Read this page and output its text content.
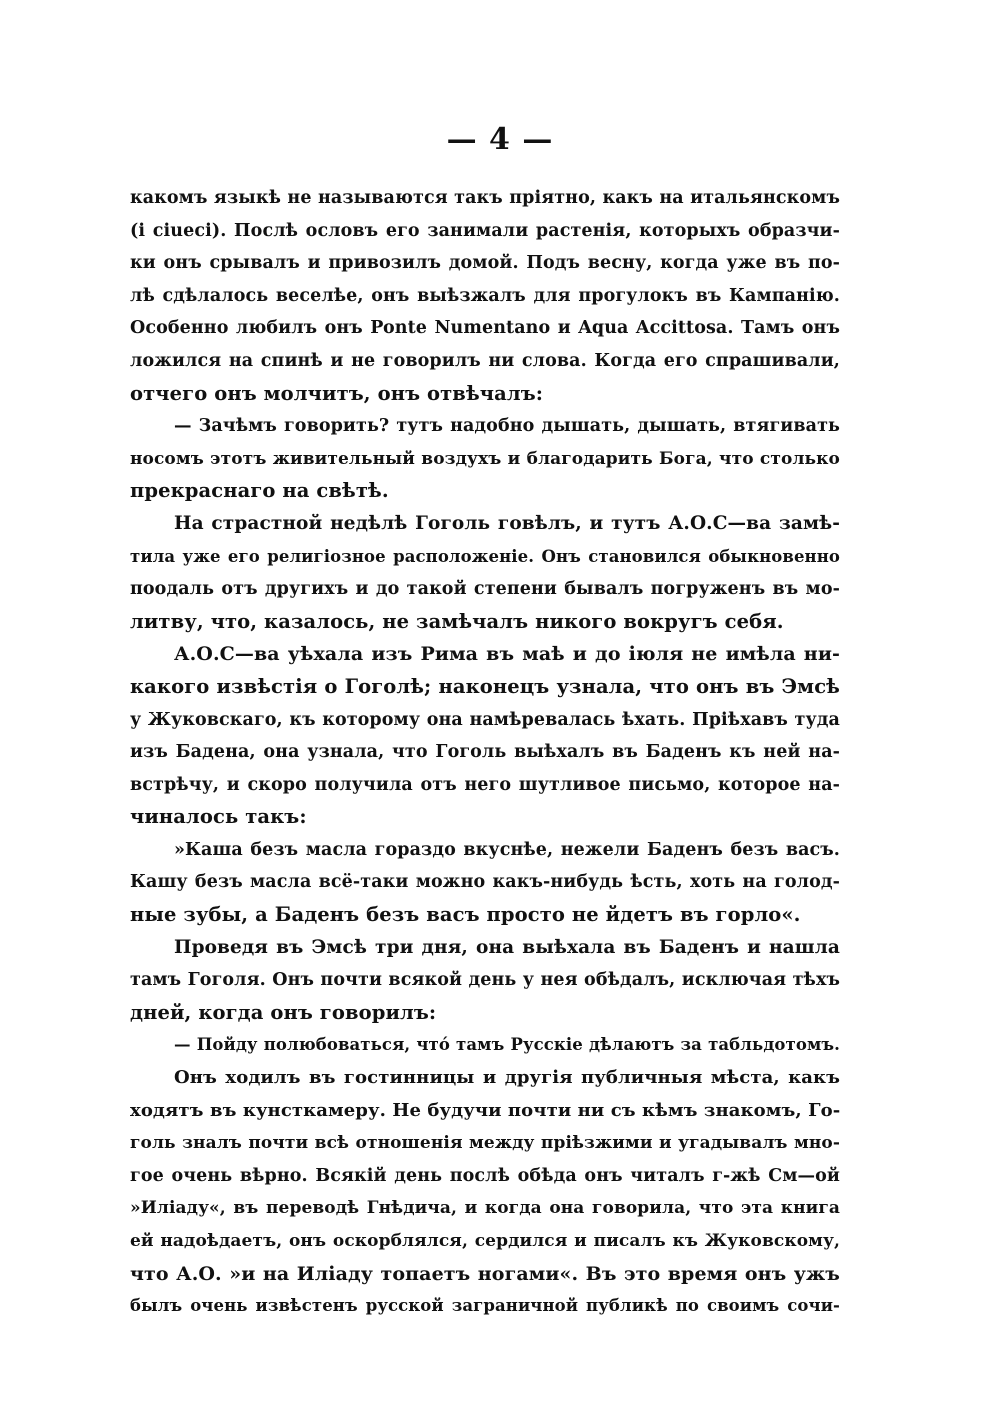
— 4 —
какомъ языкѣ не называются такъ пріятно, какъ на итальянскомъ
(i ciueci). Послѣ ословъ его занимали растенія, которыхъ образчи-
ки онъ срывалъ и привозилъ домой. Подъ весну, когда уже въ по-
лѣ сдѣлалось веселѣе, онъ выѣзжалъ для прогулокъ въ Кампанію.
Особенно любилъ онъ Ponte Numentano и Aqua Accittosa. Тамъ онъ
ложился на спинѣ и не говорилъ ни слова. Когда его спрашивали,
отчего онъ молчитъ, онъ отвѣчалъ:
— Зачѣмъ говорить? тутъ надобно дышать, дышать, втягивать
носомъ этотъ живительный воздухъ и благодарить Бога, что столько
прекраснаго на свѣтѣ.
На страстной недѣлѣ Гоголь говѣлъ, и тутъ А.О.С—ва замѣ-
тила уже его религіозное расположеніе. Онъ становился обыкновенно
поодаль отъ другихъ и до такой степени бывалъ погруженъ въ мо-
литву, что, казалось, не замѣчалъ никого вокругъ себя.
А.О.С—ва уѣхала изъ Рима въ маѣ и до іюля не имѣла ни-
какого извѣстія о Гоголѣ; наконецъ узнала, что онъ въ Эмсѣ
у Жуковскаго, къ которому она намѣревалась ѣхать. Пріѣхавъ туда
изъ Бадена, она узнала, что Гоголь выѣхалъ въ Баденъ къ ней на-
встрѣчу, и скоро получила отъ него шутливое письмо, которое на-
чиналось такъ:
»Каша безъ масла гораздо вкуснѣе, нежели Баденъ безъ васъ.
Кашу безъ масла всё-таки можно какъ-нибудь ѣсть, хоть на голод-
ные зубы, а Баденъ безъ васъ просто не йдетъ въ горло«.
Проведя въ Эмсѣ три дня, она выѣхала въ Баденъ и нашла
тамъ Гоголя. Онъ почти всякой день у нея обѣдалъ, исключая тѣхъ
дней, когда онъ говорилъ:
— Пойду полюбоваться, что́ тамъ Русскіе дѣлаютъ за табльдотомъ.
Онъ ходилъ въ гостинницы и другія публичныя мѣста, какъ
ходятъ въ кунсткамеру. Не будучи почти ни съ кѣмъ знакомъ, Го-
голь зналъ почти всѣ отношенія между пріѣзжими и угадывалъ мно-
гое очень вѣрно. Всякій день послѣ обѣда онъ читалъ г-жѣ См—ой
»Иліаду«, въ переводѣ Гнѣдича, и когда она говорила, что эта книга
ей надоѣдаетъ, онъ оскорблялся, сердился и писалъ къ Жуковскому,
что А.О. »и на Иліаду топаетъ ногами«. Въ это время онъ ужъ
былъ очень извѣстенъ русской заграничной публикѣ по своимъ сочи-
